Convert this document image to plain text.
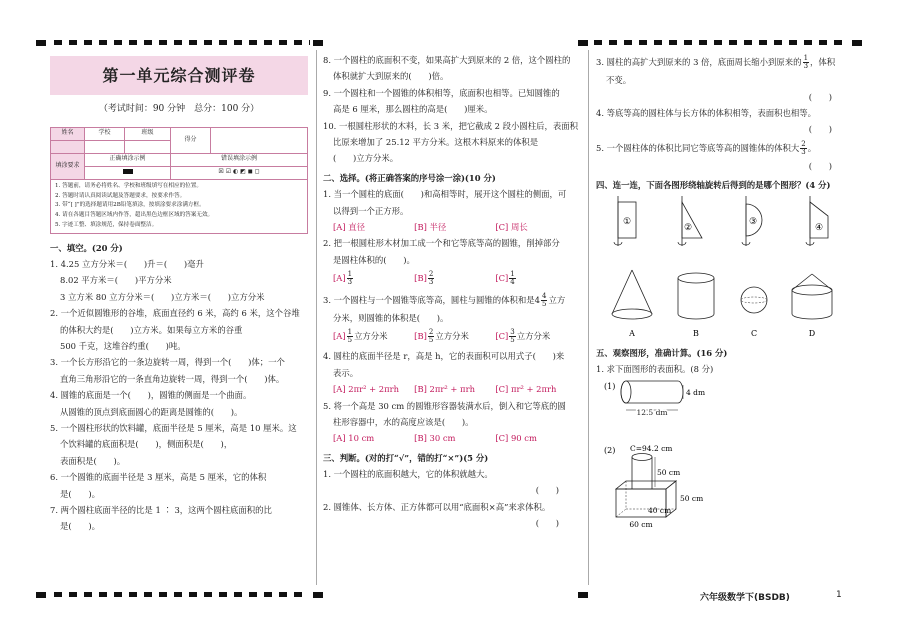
第一单元综合测评卷
（考试时间：90 分钟　总分：100 分）
姓名	学校	班级	得分	

填涂要求	正确填涂示例		错误填涂示例	
			☒ ☑ ◐ ◩ ◼ ◻	
1. 答题前，请务必将姓名、学校和班级填写在相应的位置。
2. 答题时请认真阅读试题及答题要求，按要求作答。
3. 带“[ ]”的选择题请用2B铅笔填涂，按填涂要求涂满方框。
4. 请在各题目答题区域内作答，超出黑色边框区域的答案无效。
5. 字迹工整、填涂规范，保持卷面整洁。
一、填空。(20 分)
1. 4.25 立方分米＝(　　)升＝(　　)毫升
8.02 平方米＝(　　)平方分米
3 立方米 80 立方分米＝(　　)立方米＝(　　)立方分米
2. 一个近似圆锥形的谷堆，底面直径约 6 米，高约 6 米，这个谷堆
的体积大约是(　　)立方米。如果每立方米的谷重
500 千克，这堆谷约重(　　)吨。
3. 一个长方形沿它的一条边旋转一周，得到一个(　　)体；一个
直角三角形沿它的一条直角边旋转一周，得到一个(　　)体。
4. 圆锥的底面是一个(　　)，圆锥的侧面是一个曲面。
从圆锥的顶点到底面圆心的距离是圆锥的(　　)。
5. 一个圆柱形状的饮料罐，底面半径是 5 厘米，高是 10 厘米。这
个饮料罐的底面积是(　　)，侧面积是(　　)，
表面积是(　　)。
6. 一个圆锥的底面半径是 3 厘米，高是 5 厘米，它的体积
是(　　)。
7. 两个圆柱底面半径的比是 1 ∶ 3，这两个圆柱底面积的比
是(　　)。
8. 一个圆柱的底面积不变，如果高扩大到原来的 2 倍，这个圆柱的
体积就扩大到原来的(　　)倍。
9. 一个圆柱和一个圆锥的体积相等，底面积也相等。已知圆锥的
高是 6 厘米，那么圆柱的高是(　　)厘米。
10. 一根圆柱形状的木料，长 3 米，把它截成 2 段小圆柱后，表面积
比原来增加了 25.12 平方分米。这根木料原来的体积是
(　　)立方分米。
二、选择。(将正确答案的序号涂一涂)(10 分)
1. 当一个圆柱的底面(　　)和高相等时，展开这个圆柱的侧面，可
以得到一个正方形。
[A] 直径	[B] 半径	[C] 周长
2. 把一根圆柱形木材加工成一个和它等底等高的圆锥，削掉部分
是圆柱体积的(　　)。
$[A] \frac{1}{3}$	$[B] \frac{2}{3}$	$[C] \frac{1}{4}$
3. 一个圆柱与一个圆锥等底等高，圆柱与圆锥的体积和是$4 \frac{4}{5}$ 立方
分米，则圆锥的体积是(　　)。
$[A] \frac{1}{5}$ 立方分米	$[B] \frac{2}{5}$ 立方分米	$[C] \frac{3}{5}$ 立方分米
4. 圆柱的底面半径是 r，高是 h，它的表面积可以用式子(　　)来
表示。
[A] 2πr² + 2πrh	[B] 2πr² + πrh	[C] πr² + 2πrh
5. 将一个高是 30 cm 的圆锥形容器装满水后，倒入和它等底的圆
柱形容器中，水的高度应该是(　　)。
[A] 10 cm	[B] 30 cm	[C] 90 cm
三、判断。(对的打“√”，错的打“×”)(5 分)
1. 一个圆柱的底面积越大，它的体积就越大。
(　　)
2. 圆锥体、长方体、正方体都可以用“底面积×高”来求体积。
(　　)
3. 圆柱的高扩大到原来的 3 倍，底面周长缩小到原来的 $\frac{1}{3}$ ，体积
不变。
(　　)
4. 等底等高的圆柱体与长方体的体积相等，表面积也相等。
(　　)
5. 一个圆柱体的体积比同它等底等高的圆锥体的体积大 $\frac{2}{3}$ 。
(　　)
四、连一连，下面各图形绕轴旋转后得到的是哪个图形？(4 分)
①
②
③
④
A	B	C	D
五、观察图形，准确计算。(16 分)
1. 求下面图形的表面积。(8 分)
(1)
4 dm
12.5 dm
(2) C=94.2 cm
50 cm
50 cm
40 cm
60 cm
六年级数学下(BSDB)	1
